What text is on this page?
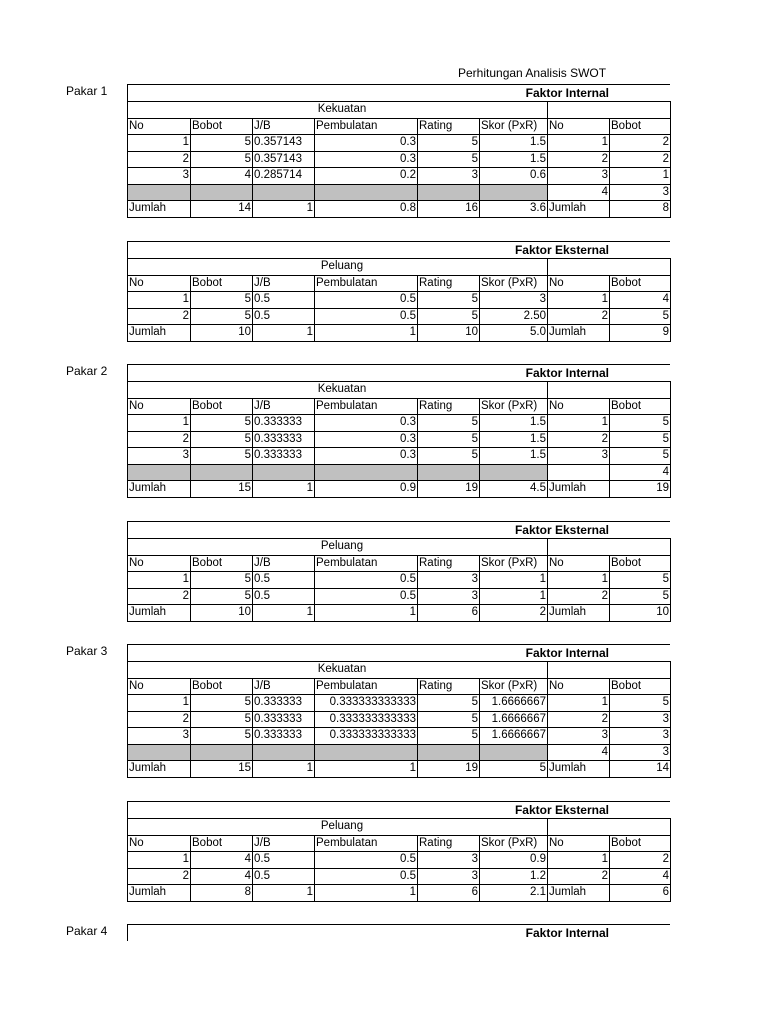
Perhitungan Analisis SWOT
Pakar 1	Faktor Internal
Kekuatan							
No	Bobot	J/B	Pembulatan	Rating	Skor (PxR)	No	Bobot
1	5	0.357143	0.3	5	1.5	1	2
2	5	0.357143	0.3	5	1.5	2	2
3	4	0.285714	0.2	3	0.6	3	1
						4	3
Jumlah	14	1	0.8	16	3.6	Jumlah	8
Faktor Eksternal
Peluang							
No	Bobot	J/B	Pembulatan	Rating	Skor (PxR)	No	Bobot
1	5	0.5	0.5	5	3	1	4
2	5	0.5	0.5	5	2.50	2	5
Jumlah	10	1	1	10	5.0	Jumlah	9
Pakar 2	Faktor Internal
Kekuatan							
No	Bobot	J/B	Pembulatan	Rating	Skor (PxR)	No	Bobot
1	5	0.333333	0.3	5	1.5	1	5
2	5	0.333333	0.3	5	1.5	2	5
3	5	0.333333	0.3	5	1.5	3	5
							4
Jumlah	15	1	0.9	19	4.5	Jumlah	19
Faktor Eksternal
Peluang							
No	Bobot	J/B	Pembulatan	Rating	Skor (PxR)	No	Bobot
1	5	0.5	0.5	3	1	1	5
2	5	0.5	0.5	3	1	2	5
Jumlah	10	1	1	6	2	Jumlah	10
Pakar 3	Faktor Internal
Kekuatan							
No	Bobot	J/B	Pembulatan	Rating	Skor (PxR)	No	Bobot
1	5	0.333333	0.333333333333	5	1.6666667	1	5
2	5	0.333333	0.333333333333	5	1.6666667	2	3
3	5	0.333333	0.333333333333	5	1.6666667	3	3
						4	3
Jumlah	15	1	1	19	5	Jumlah	14
Faktor Eksternal
Peluang							
No	Bobot	J/B	Pembulatan	Rating	Skor (PxR)	No	Bobot
1	4	0.5	0.5	3	0.9	1	2
2	4	0.5	0.5	3	1.2	2	4
Jumlah	8	1	1	6	2.1	Jumlah	6
Pakar 4	Faktor Internal
